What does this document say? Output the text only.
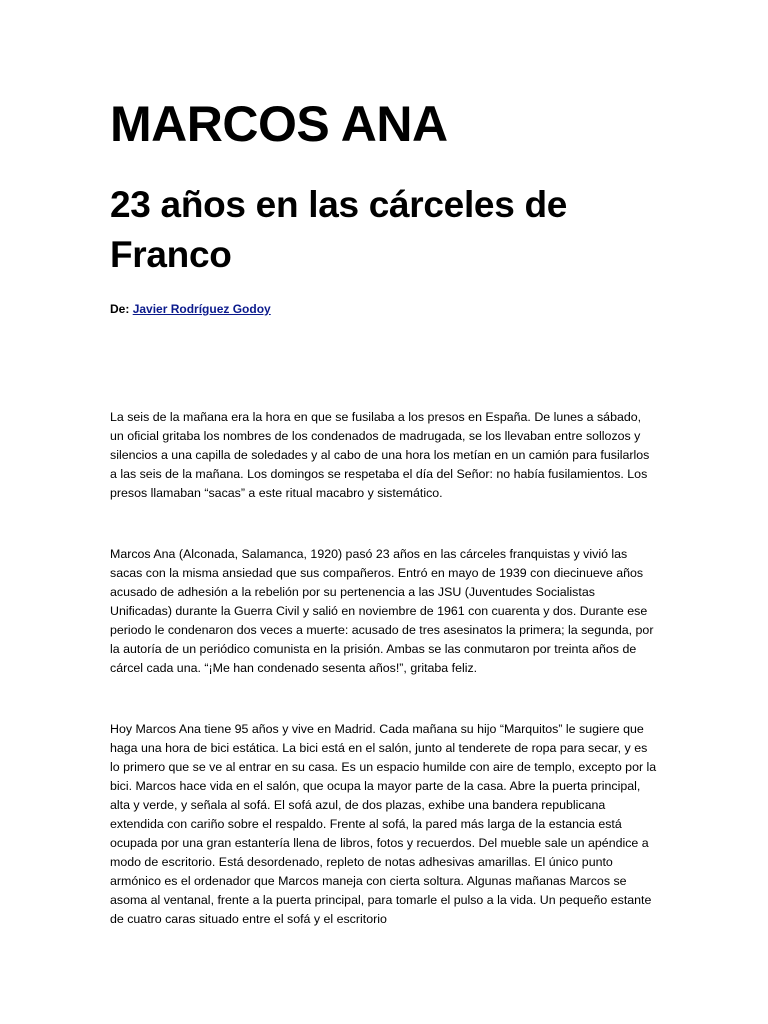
MARCOS ANA
23 años en las cárceles de Franco

De: Javier Rodríguez Godoy

La seis de la mañana era la hora en que se fusilaba a los presos en España. De lunes a sábado, un oficial gritaba los nombres de los condenados de madrugada, se los llevaban entre sollozos y silencios a una capilla de soledades y al cabo de una hora los metían en un camión para fusilarlos a las seis de la mañana. Los domingos se respetaba el día del Señor: no había fusilamientos. Los presos llamaban “sacas” a este ritual macabro y sistemático.

Marcos Ana (Alconada, Salamanca, 1920) pasó 23 años en las cárceles franquistas y vivió las sacas con la misma ansiedad que sus compañeros. Entró en mayo de 1939 con diecinueve años acusado de adhesión a la rebelión por su pertenencia a las JSU (Juventudes Socialistas Unificadas) durante la Guerra Civil y salió en noviembre de 1961 con cuarenta y dos. Durante ese periodo le condenaron dos veces a muerte: acusado de tres asesinatos la primera; la segunda, por la autoría de un periódico comunista en la prisión. Ambas se las conmutaron por treinta años de cárcel cada una. “¡Me han condenado sesenta años!”, gritaba feliz.

Hoy Marcos Ana tiene 95 años y vive en Madrid. Cada mañana su hijo “Marquitos” le sugiere que haga una hora de bici estática. La bici está en el salón, junto al tenderete de ropa para secar, y es lo primero que se ve al entrar en su casa. Es un espacio humilde con aire de templo, excepto por la bici. Marcos hace vida en el salón, que ocupa la mayor parte de la casa. Abre la puerta principal, alta y verde, y señala al sofá. El sofá azul, de dos plazas, exhibe una bandera republicana extendida con cariño sobre el respaldo. Frente al sofá, la pared más larga de la estancia está ocupada por una gran estantería llena de libros, fotos y recuerdos. Del mueble sale un apéndice a modo de escritorio. Está desordenado, repleto de notas adhesivas amarillas. El único punto armónico es el ordenador que Marcos maneja con cierta soltura. Algunas mañanas Marcos se asoma al ventanal, frente a la puerta principal, para tomarle el pulso a la vida. Un pequeño estante de cuatro caras situado entre el sofá y el escritorio
